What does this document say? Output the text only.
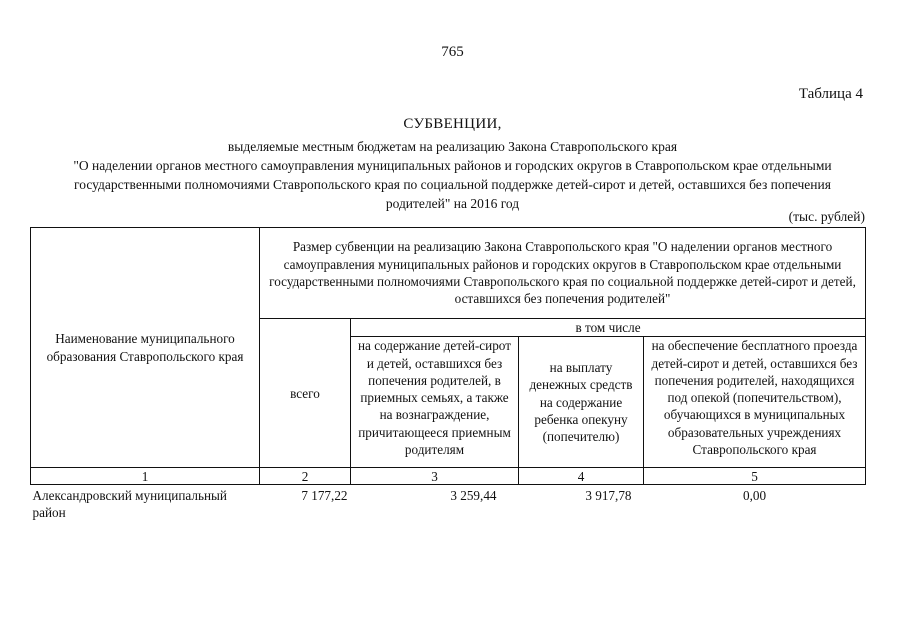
765
Таблица 4
СУБВЕНЦИИ,
выделяемые местным бюджетам на реализацию Закона Ставропольского края
"О наделении органов местного самоуправления муниципальных районов и городских округов в Ставропольском крае отдельными
государственными полномочиями Ставропольского края по социальной поддержке детей-сирот и детей, оставшихся без попечения
родителей" на 2016 год
(тыс. рублей)
Наименование муниципального образования Ставропольского края	Размер субвенции на реализацию Закона Ставропольского края "О наделении органов местного самоуправления муниципальных районов и городских округов в Ставропольском крае отдельными государственными полномочиями Ставропольского края по социальной поддержке детей-сирот и детей, оставшихся без попечения родителей"			
	всего	в том числе		
		на содержание детей-сирот и детей, оставшихся без попечения родителей, в приемных семьях, а также на вознаграждение, причитающееся приемным родителям	на выплату денежных средств на содержание ребенка опекуну (попечителю)	на обеспечение бесплатного проезда детей-сирот и детей, оставшихся без попечения родителей, находящихся под опекой (попечительством), обучающихся в муниципальных образовательных учреждениях Ставропольского края
1	2	3	4	5
Александровский муниципальный район	7 177,22	3 259,44	3 917,78	0,00
